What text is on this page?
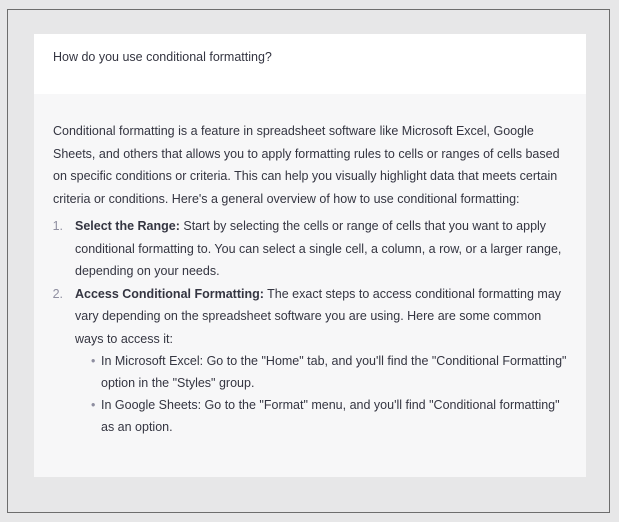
How do you use conditional formatting?

Conditional formatting is a feature in spreadsheet software like Microsoft Excel, Google Sheets, and others that allows you to apply formatting rules to cells or ranges of cells based on specific conditions or criteria. This can help you visually highlight data that meets certain criteria or conditions. Here's a general overview of how to use conditional formatting:

1. Select the Range: Start by selecting the cells or range of cells that you want to apply conditional formatting to. You can select a single cell, a column, a row, or a larger range, depending on your needs.
2. Access Conditional Formatting: The exact steps to access conditional formatting may vary depending on the spreadsheet software you are using. Here are some common ways to access it:
• In Microsoft Excel: Go to the "Home" tab, and you'll find the "Conditional Formatting" option in the "Styles" group.
• In Google Sheets: Go to the "Format" menu, and you'll find "Conditional formatting" as an option.
